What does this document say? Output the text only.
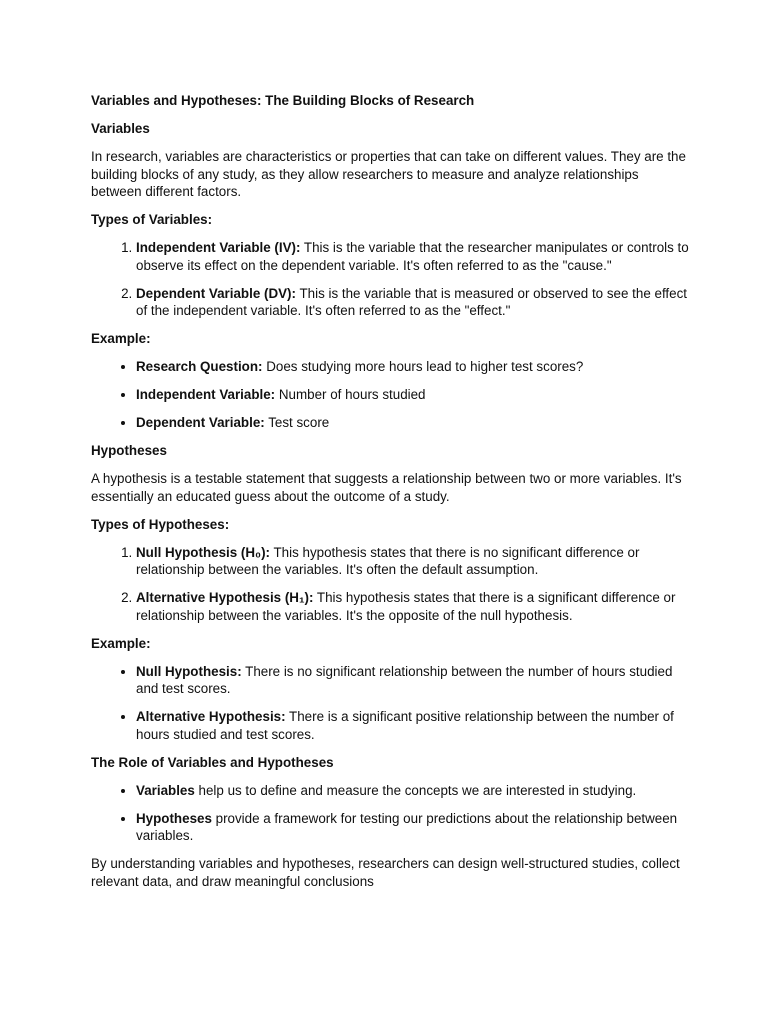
Variables and Hypotheses: The Building Blocks of Research

Variables

In research, variables are characteristics or properties that can take on different values. They are the building blocks of any study, as they allow researchers to measure and analyze relationships between different factors.

Types of Variables:

1. Independent Variable (IV): This is the variable that the researcher manipulates or controls to observe its effect on the dependent variable. It's often referred to as the "cause."
2. Dependent Variable (DV): This is the variable that is measured or observed to see the effect of the independent variable. It's often referred to as the "effect."

Example:

• Research Question: Does studying more hours lead to higher test scores?
• Independent Variable: Number of hours studied
• Dependent Variable: Test score

Hypotheses

A hypothesis is a testable statement that suggests a relationship between two or more variables. It's essentially an educated guess about the outcome of a study.

Types of Hypotheses:

1. Null Hypothesis (H₀): This hypothesis states that there is no significant difference or relationship between the variables. It's often the default assumption.
2. Alternative Hypothesis (H₁): This hypothesis states that there is a significant difference or relationship between the variables. It's the opposite of the null hypothesis.

Example:

• Null Hypothesis: There is no significant relationship between the number of hours studied and test scores.
• Alternative Hypothesis: There is a significant positive relationship between the number of hours studied and test scores.

The Role of Variables and Hypotheses

• Variables help us to define and measure the concepts we are interested in studying.
• Hypotheses provide a framework for testing our predictions about the relationship between variables.

By understanding variables and hypotheses, researchers can design well-structured studies, collect relevant data, and draw meaningful conclusions
